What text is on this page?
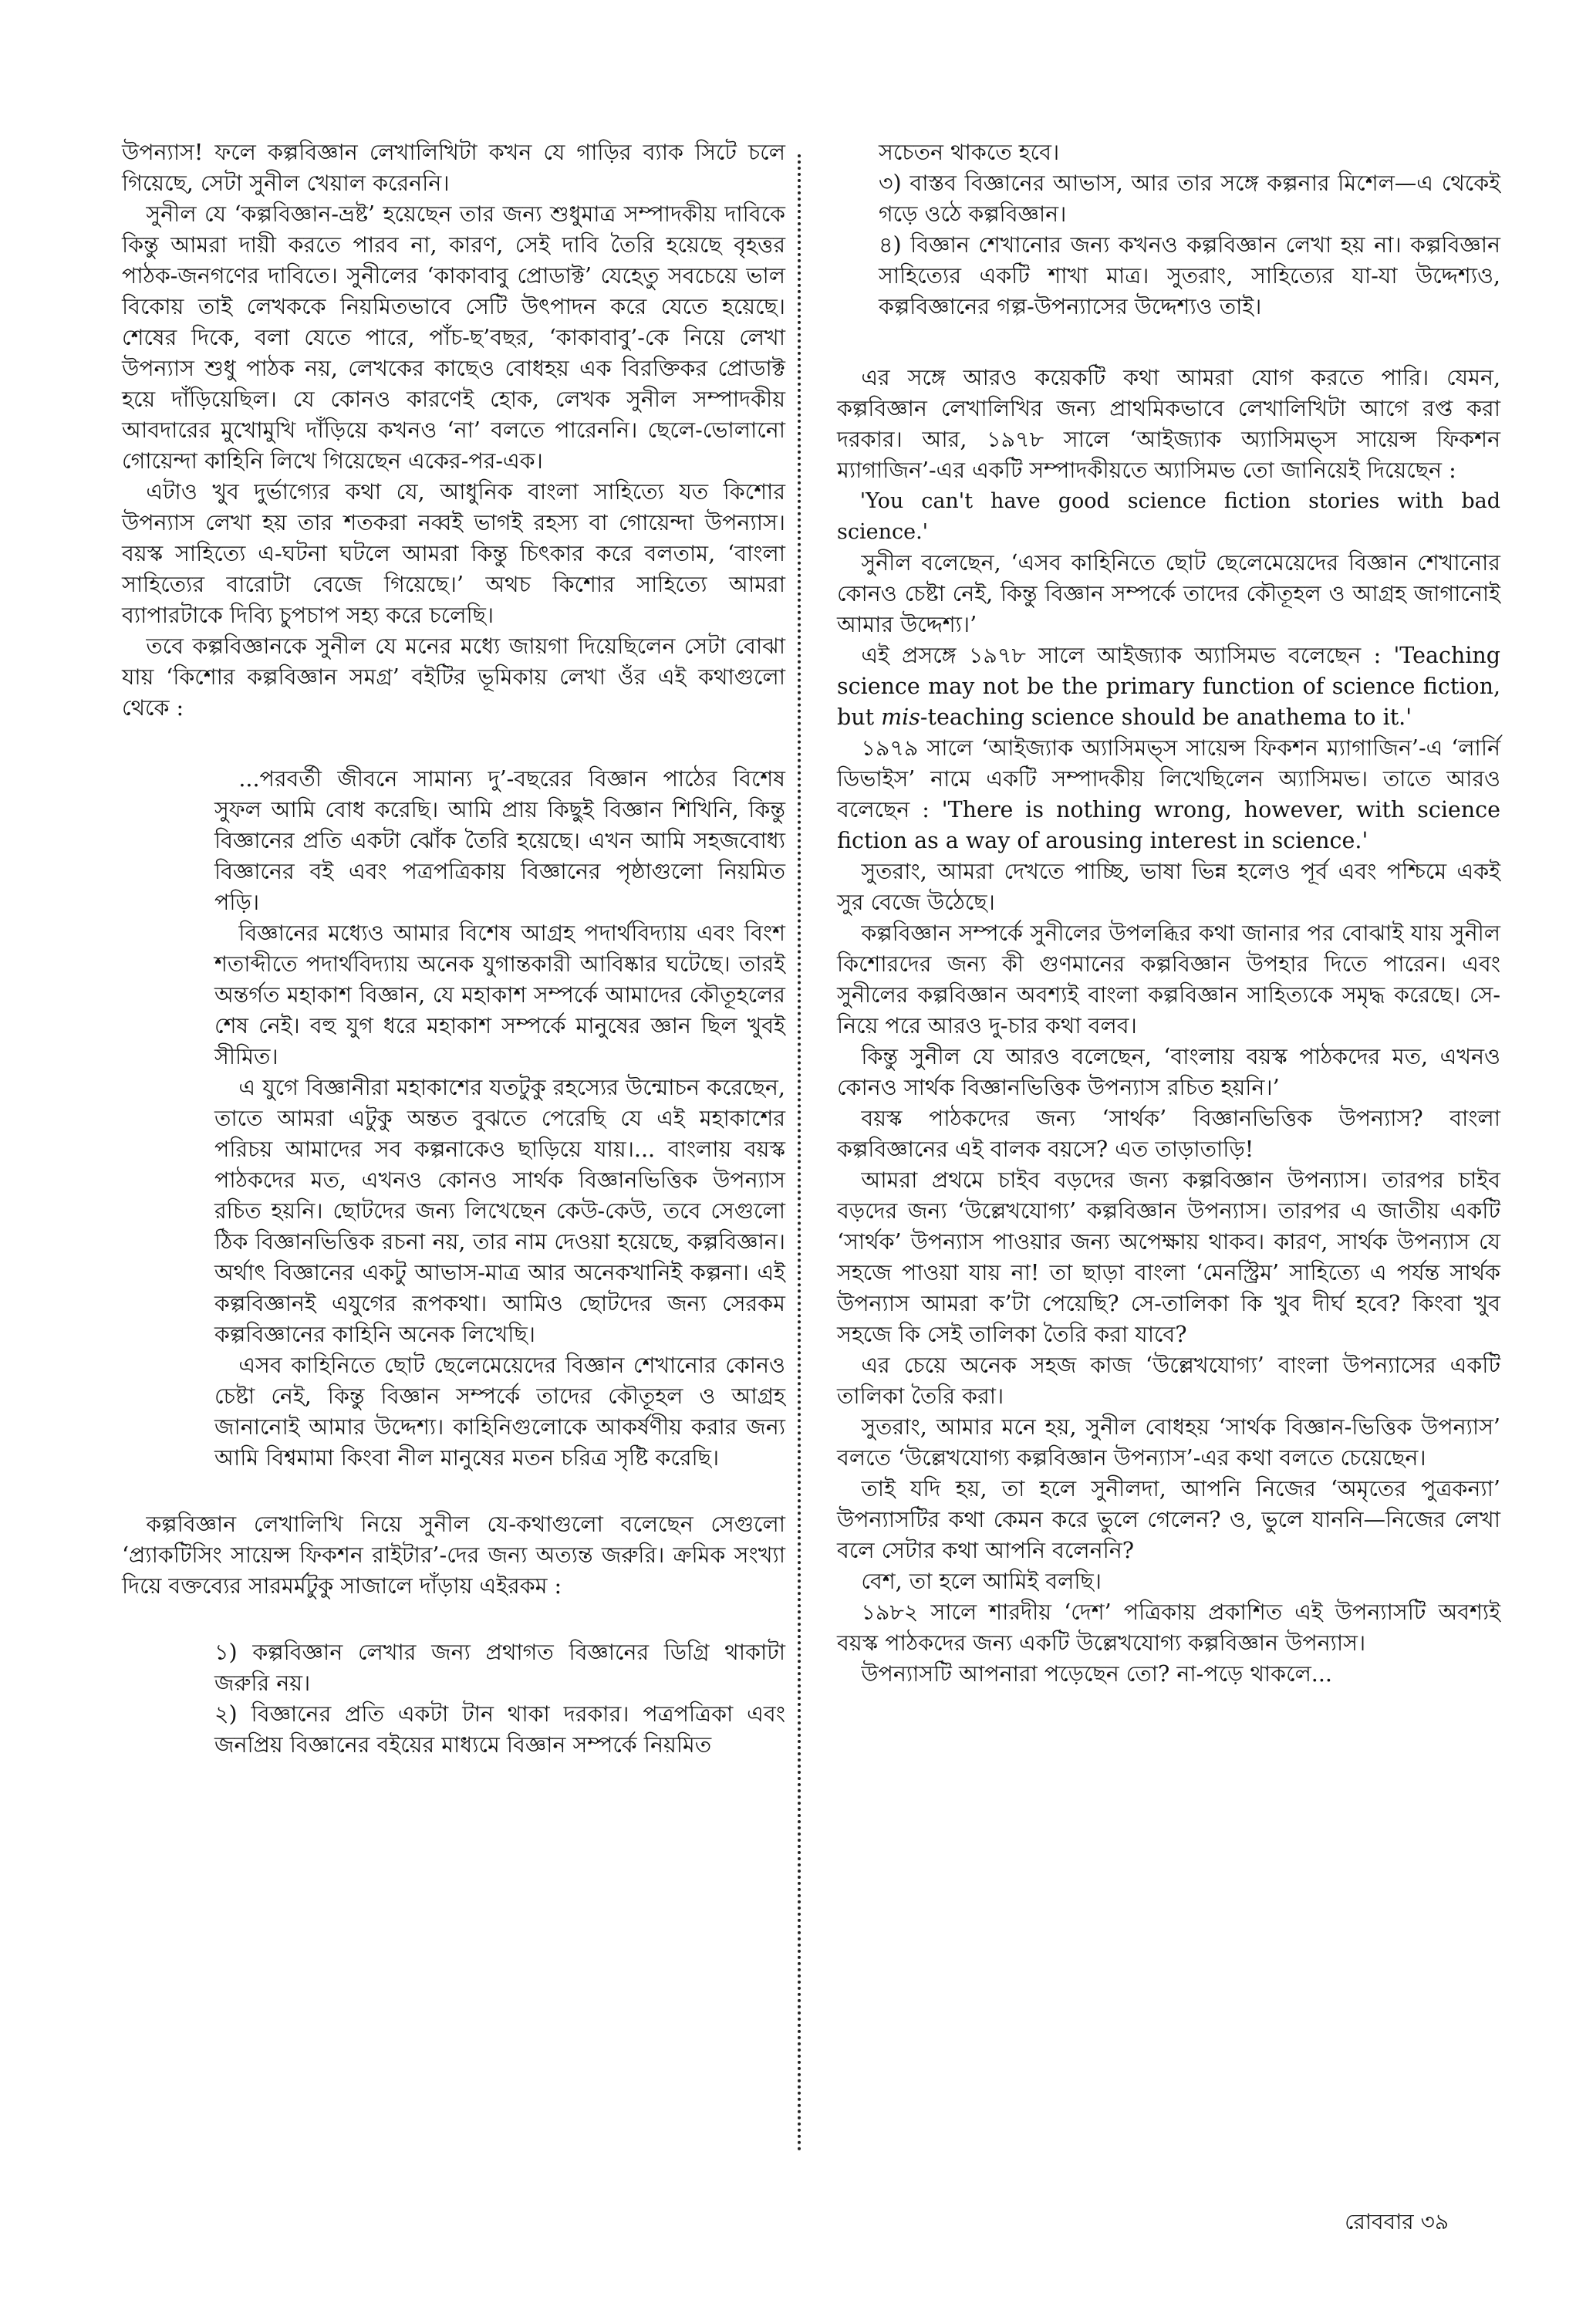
উপন্যাস! ফলে কল্পবিজ্ঞান লেখালিখিটা কখন যে গাড়ির ব্যাক সিটে চলে গিয়েছে, সেটা সুনীল খেয়াল করেননি।

সুনীল যে ‘কল্পবিজ্ঞান-ভ্রষ্ট’ হয়েছেন তার জন্য শুধুমাত্র সম্পাদকীয় দাবিকে কিন্তু আমরা দায়ী করতে পারব না, কারণ, সেই দাবি তৈরি হয়েছে বৃহত্তর পাঠক-জনগণের দাবিতে। সুনীলের ‘কাকাবাবু প্রোডাক্ট’ যেহেতু সবচেয়ে ভাল বিকোয় তাই লেখককে নিয়মিতভাবে সেটি উৎপাদন করে যেতে হয়েছে। শেষের দিকে, বলা যেতে পারে, পাঁচ-ছ’বছর, ‘কাকাবাবু’-কে নিয়ে লেখা উপন্যাস শুধু পাঠক নয়, লেখকের কাছেও বোধহয় এক বিরক্তিকর প্রোডাক্ট হয়ে দাঁড়িয়েছিল। যে কোনও কারণেই হোক, লেখক সুনীল সম্পাদকীয় আবদারের মুখোমুখি দাঁড়িয়ে কখনও ‘না’ বলতে পারেননি। ছেলে-ভোলানো গোয়েন্দা কাহিনি লিখে গিয়েছেন একের-পর-এক।

এটাও খুব দুর্ভাগ্যের কথা যে, আধুনিক বাংলা সাহিত্যে যত কিশোর উপন্যাস লেখা হয় তার শতকরা নব্বই ভাগই রহস্য বা গোয়েন্দা উপন্যাস। বয়স্ক সাহিত্যে এ-ঘটনা ঘটলে আমরা কিন্তু চিৎকার করে বলতাম, ‘বাংলা সাহিত্যের বারোটা বেজে গিয়েছে।’ অথচ কিশোর সাহিত্যে আমরা ব্যাপারটাকে দিব্যি চুপচাপ সহ্য করে চলেছি।

তবে কল্পবিজ্ঞানকে সুনীল যে মনের মধ্যে জায়গা দিয়েছিলেন সেটা বোঝা যায় ‘কিশোর কল্পবিজ্ঞান সমগ্র’ বইটির ভূমিকায় লেখা ওঁর এই কথাগুলো থেকে :

...পরবর্তী জীবনে সামান্য দু’-বছরের বিজ্ঞান পাঠের বিশেষ সুফল আমি বোধ করেছি। আমি প্রায় কিছুই বিজ্ঞান শিখিনি, কিন্তু বিজ্ঞানের প্রতি একটা ঝোঁক তৈরি হয়েছে। এখন আমি সহজবোধ্য বিজ্ঞানের বই এবং পত্রপত্রিকায় বিজ্ঞানের পৃষ্ঠাগুলো নিয়মিত পড়ি।

বিজ্ঞানের মধ্যেও আমার বিশেষ আগ্রহ পদার্থবিদ্যায় এবং বিংশ শতাব্দীতে পদার্থবিদ্যায় অনেক যুগান্তকারী আবিষ্কার ঘটেছে। তারই অন্তর্গত মহাকাশ বিজ্ঞান, যে মহাকাশ সম্পর্কে আমাদের কৌতূহলের শেষ নেই। বহু যুগ ধরে মহাকাশ সম্পর্কে মানুষের জ্ঞান ছিল খুবই সীমিত।

এ যুগে বিজ্ঞানীরা মহাকাশের যতটুকু রহস্যের উন্মোচন করেছেন, তাতে আমরা এটুকু অন্তত বুঝতে পেরেছি যে এই মহাকাশের পরিচয় আমাদের সব কল্পনাকেও ছাড়িয়ে যায়।... বাংলায় বয়স্ক পাঠকদের মত, এখনও কোনও সার্থক বিজ্ঞানভিত্তিক উপন্যাস রচিত হয়নি। ছোটদের জন্য লিখেছেন কেউ-কেউ, তবে সেগুলো ঠিক বিজ্ঞানভিত্তিক রচনা নয়, তার নাম দেওয়া হয়েছে, কল্পবিজ্ঞান। অর্থাৎ বিজ্ঞানের একটু আভাস-মাত্র আর অনেকখানিই কল্পনা। এই কল্পবিজ্ঞানই এযুগের রূপকথা। আমিও ছোটদের জন্য সেরকম কল্পবিজ্ঞানের কাহিনি অনেক লিখেছি।

এসব কাহিনিতে ছোট ছেলেমেয়েদের বিজ্ঞান শেখানোর কোনও চেষ্টা নেই, কিন্তু বিজ্ঞান সম্পর্কে তাদের কৌতূহল ও আগ্রহ জানানোই আমার উদ্দেশ্য। কাহিনিগুলোকে আকর্ষণীয় করার জন্য আমি বিশ্বমামা কিংবা নীল মানুষের মতন চরিত্র সৃষ্টি করেছি।

কল্পবিজ্ঞান লেখালিখি নিয়ে সুনীল যে-কথাগুলো বলেছেন সেগুলো ‘প্র্যাকটিসিং সায়েন্স ফিকশন রাইটার’-দের জন্য অত্যন্ত জরুরি। ক্রমিক সংখ্যা দিয়ে বক্তব্যের সারমর্মটুকু সাজালে দাঁড়ায় এইরকম :

১) কল্পবিজ্ঞান লেখার জন্য প্রথাগত বিজ্ঞানের ডিগ্রি থাকাটা জরুরি নয়।

২) বিজ্ঞানের প্রতি একটা টান থাকা দরকার। পত্রপত্রিকা এবং জনপ্রিয় বিজ্ঞানের বইয়ের মাধ্যমে বিজ্ঞান সম্পর্কে নিয়মিত

সচেতন থাকতে হবে।

৩) বাস্তব বিজ্ঞানের আভাস, আর তার সঙ্গে কল্পনার মিশেল—এ থেকেই গড়ে ওঠে কল্পবিজ্ঞান।

৪) বিজ্ঞান শেখানোর জন্য কখনও কল্পবিজ্ঞান লেখা হয় না। কল্পবিজ্ঞান সাহিত্যের একটি শাখা মাত্র। সুতরাং, সাহিত্যের যা-যা উদ্দেশ্যও, কল্পবিজ্ঞানের গল্প-উপন্যাসের উদ্দেশ্যও তাই।

এর সঙ্গে আরও কয়েকটি কথা আমরা যোগ করতে পারি। যেমন, কল্পবিজ্ঞান লেখালিখির জন্য প্রাথমিকভাবে লেখালিখিটা আগে রপ্ত করা দরকার। আর, ১৯৭৮ সালে ‘আইজ্যাক অ্যাসিমভ্‌স সায়েন্স ফিকশন ম্যাগাজিন’-এর একটি সম্পাদকীয়তে অ্যাসিমভ তো জানিয়েই দিয়েছেন :

'You can't have good science fiction stories with bad science.'

সুনীল বলেছেন, ‘এসব কাহিনিতে ছোট ছেলেমেয়েদের বিজ্ঞান শেখানোর কোনও চেষ্টা নেই, কিন্তু বিজ্ঞান সম্পর্কে তাদের কৌতূহল ও আগ্রহ জাগানোই আমার উদ্দেশ্য।’

এই প্রসঙ্গে ১৯৭৮ সালে আইজ্যাক অ্যাসিমভ বলেছেন : 'Teaching science may not be the primary function of science fiction, but mis-teaching science should be anathema to it.'

১৯৭৯ সালে ‘আইজ্যাক অ্যাসিমভ্‌স সায়েন্স ফিকশন ম্যাগাজিন’-এ ‘লার্নি ডিভাইস’ নামে একটি সম্পাদকীয় লিখেছিলেন অ্যাসিমভ। তাতে আরও বলেছেন : 'There is nothing wrong, however, with science fiction as a way of arousing interest in science.'

সুতরাং, আমরা দেখতে পাচ্ছি, ভাষা ভিন্ন হলেও পূর্ব এবং পশ্চিমে একই সুর বেজে উঠেছে।

কল্পবিজ্ঞান সম্পর্কে সুনীলের উপলব্ধির কথা জানার পর বোঝাই যায় সুনীল কিশোরদের জন্য কী গুণমানের কল্পবিজ্ঞান উপহার দিতে পারেন। এবং সুনীলের কল্পবিজ্ঞান অবশ্যই বাংলা কল্পবিজ্ঞান সাহিত্যকে সমৃদ্ধ করেছে। সে-নিয়ে পরে আরও দু-চার কথা বলব।

কিন্তু সুনীল যে আরও বলেছেন, ‘বাংলায় বয়স্ক পাঠকদের মত, এখনও কোনও সার্থক বিজ্ঞানভিত্তিক উপন্যাস রচিত হয়নি।’

বয়স্ক পাঠকদের জন্য ‘সার্থক’ বিজ্ঞানভিত্তিক উপন্যাস? বাংলা কল্পবিজ্ঞানের এই বালক বয়সে? এত তাড়াতাড়ি!

আমরা প্রথমে চাইব বড়দের জন্য কল্পবিজ্ঞান উপন্যাস। তারপর চাইব বড়দের জন্য ‘উল্লেখযোগ্য’ কল্পবিজ্ঞান উপন্যাস। তারপর এ জাতীয় একটি ‘সার্থক’ উপন্যাস পাওয়ার জন্য অপেক্ষায় থাকব। কারণ, সার্থক উপন্যাস যে সহজে পাওয়া যায় না! তা ছাড়া বাংলা ‘মেনস্ট্রিম’ সাহিত্যে এ পর্যন্ত সার্থক উপন্যাস আমরা ক’টা পেয়েছি? সে-তালিকা কি খুব দীর্ঘ হবে? কিংবা খুব সহজে কি সেই তালিকা তৈরি করা যাবে?

এর চেয়ে অনেক সহজ কাজ ‘উল্লেখযোগ্য’ বাংলা উপন্যাসের একটি তালিকা তৈরি করা।

সুতরাং, আমার মনে হয়, সুনীল বোধহয় ‘সার্থক বিজ্ঞান-ভিত্তিক উপন্যাস’ বলতে ‘উল্লেখযোগ্য কল্পবিজ্ঞান উপন্যাস’-এর কথা বলতে চেয়েছেন।

তাই যদি হয়, তা হলে সুনীলদা, আপনি নিজের ‘অমৃতের পুত্রকন্যা’ উপন্যাসটির কথা কেমন করে ভুলে গেলেন? ও, ভুলে যাননি—নিজের লেখা বলে সেটার কথা আপনি বলেননি?

বেশ, তা হলে আমিই বলছি।

১৯৮২ সালে শারদীয় ‘দেশ’ পত্রিকায় প্রকাশিত এই উপন্যাসটি অবশ্যই বয়স্ক পাঠকদের জন্য একটি উল্লেখযোগ্য কল্পবিজ্ঞান উপন্যাস।

উপন্যাসটি আপনারা পড়েছেন তো? না-পড়ে থাকলে...

রোববার ৩৯
